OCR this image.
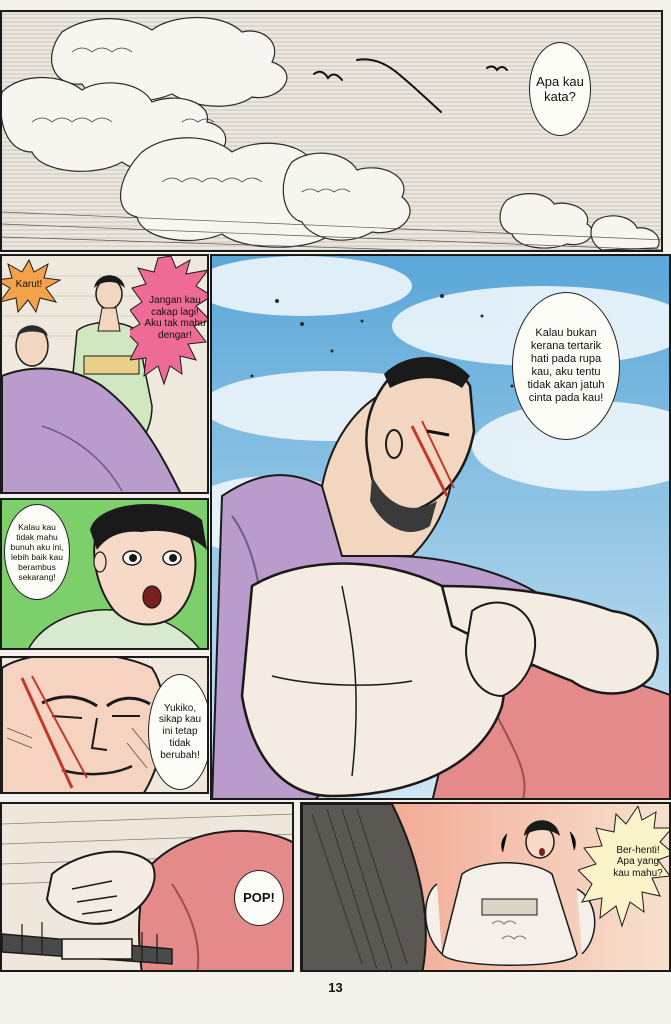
Apa kau kata?
Kalau bukan kerana tertarik hati pada rupa kau, aku tentu tidak akan jatuh cinta pada kau!
Karut!
Jangan kau cakap lagi! Aku tak mahu dengar!
Kalau kau tidak mahu bunuh aku ini, lebih baik kau berambus sekarang!
Yukiko, sikap kau ini tetap tidak berubah!
POP!
Ber-henti! Apa yang kau mahu?
13
